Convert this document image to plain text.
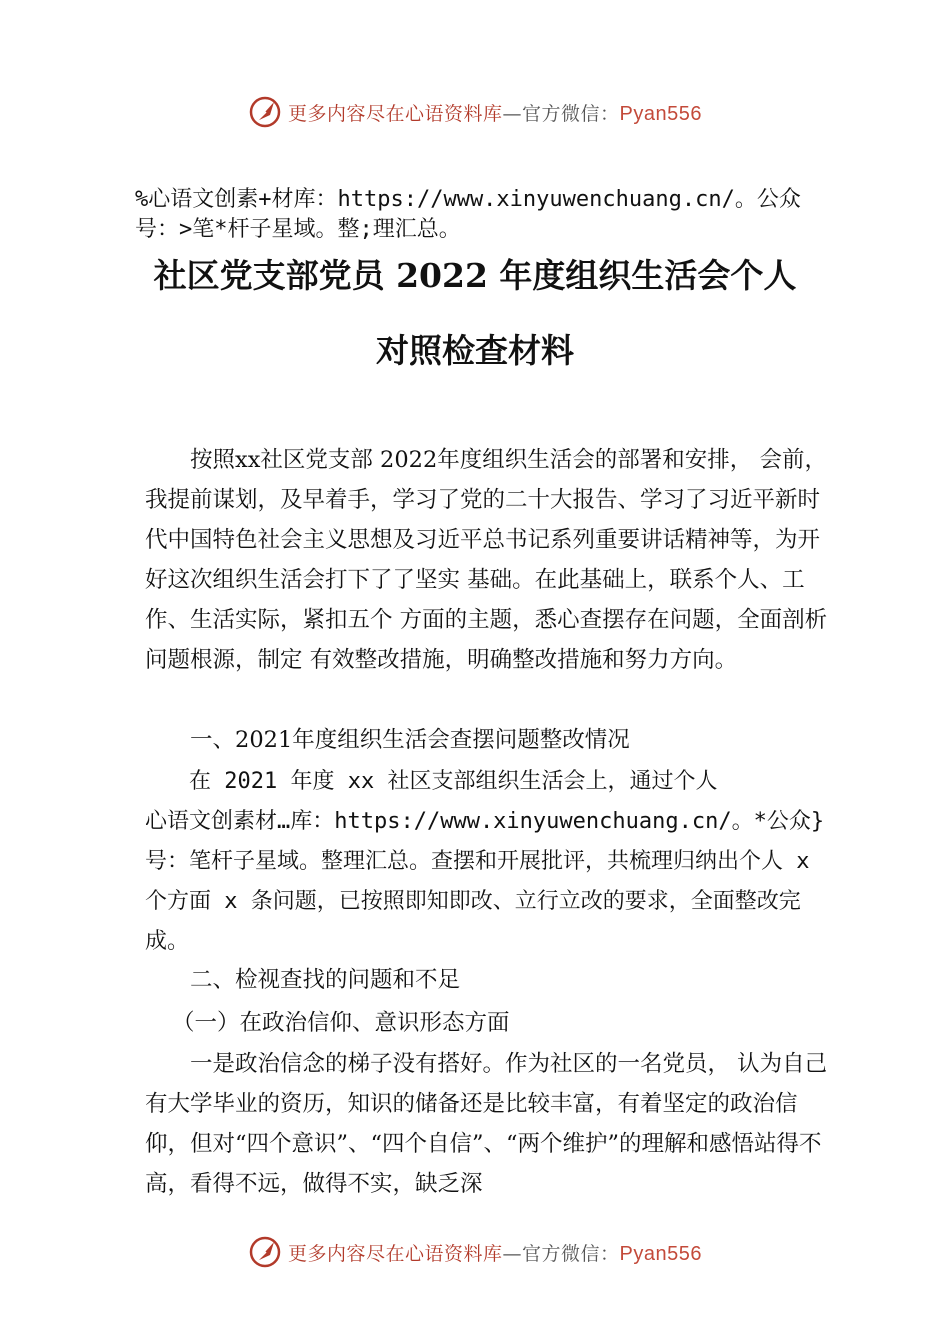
更多内容尽在心语资料库—官方微信：Pyan556
%心语文创素+材库：https://www.xinyuwenchuang.cn/。公众号：>笔*杆子星域。整;理汇总。
社区党支部党员 2022 年度组织生活会个人
对照检查材料

按照xx社区党支部 2022年度组织生活会的部署和安排， 会前，我提前谋划，及早着手，学习了党的二十大报告、学习了习近平新时代中国特色社会主义思想及习近平总书记系列重要讲话精神等，为开好这次组织生活会打下了了坚实 基础。在此基础上，联系个人、工作、生活实际，紧扣五个 方面的主题，悉心查摆存在问题，全面剖析问题根源，制定 有效整改措施，明确整改措施和努力方向。

一、2021年度组织生活会查摆问题整改情况

在 2021 年度 xx 社区支部组织生活会上，通过个人

心语文创素材…库：https://www.xinyuwenchuang.cn/。*公众}号：笔杆子星域。整理汇总。查摆和开展批评，共梳理归纳出个人 x 个方面 x 条问题，已按照即知即改、立行立改的要求，全面整改完成。

二、检视查找的问题和不足

（一）在政治信仰、意识形态方面

一是政治信念的梯子没有搭好。作为社区的一名党员， 认为自己有大学毕业的资历，知识的储备还是比较丰富，有着坚定的政治信仰，但对“四个意识”、“四个自信”、“两个维护”的理解和感悟站得不高，看得不远，做得不实，缺乏深

更多内容尽在心语资料库—官方微信：Pyan556
